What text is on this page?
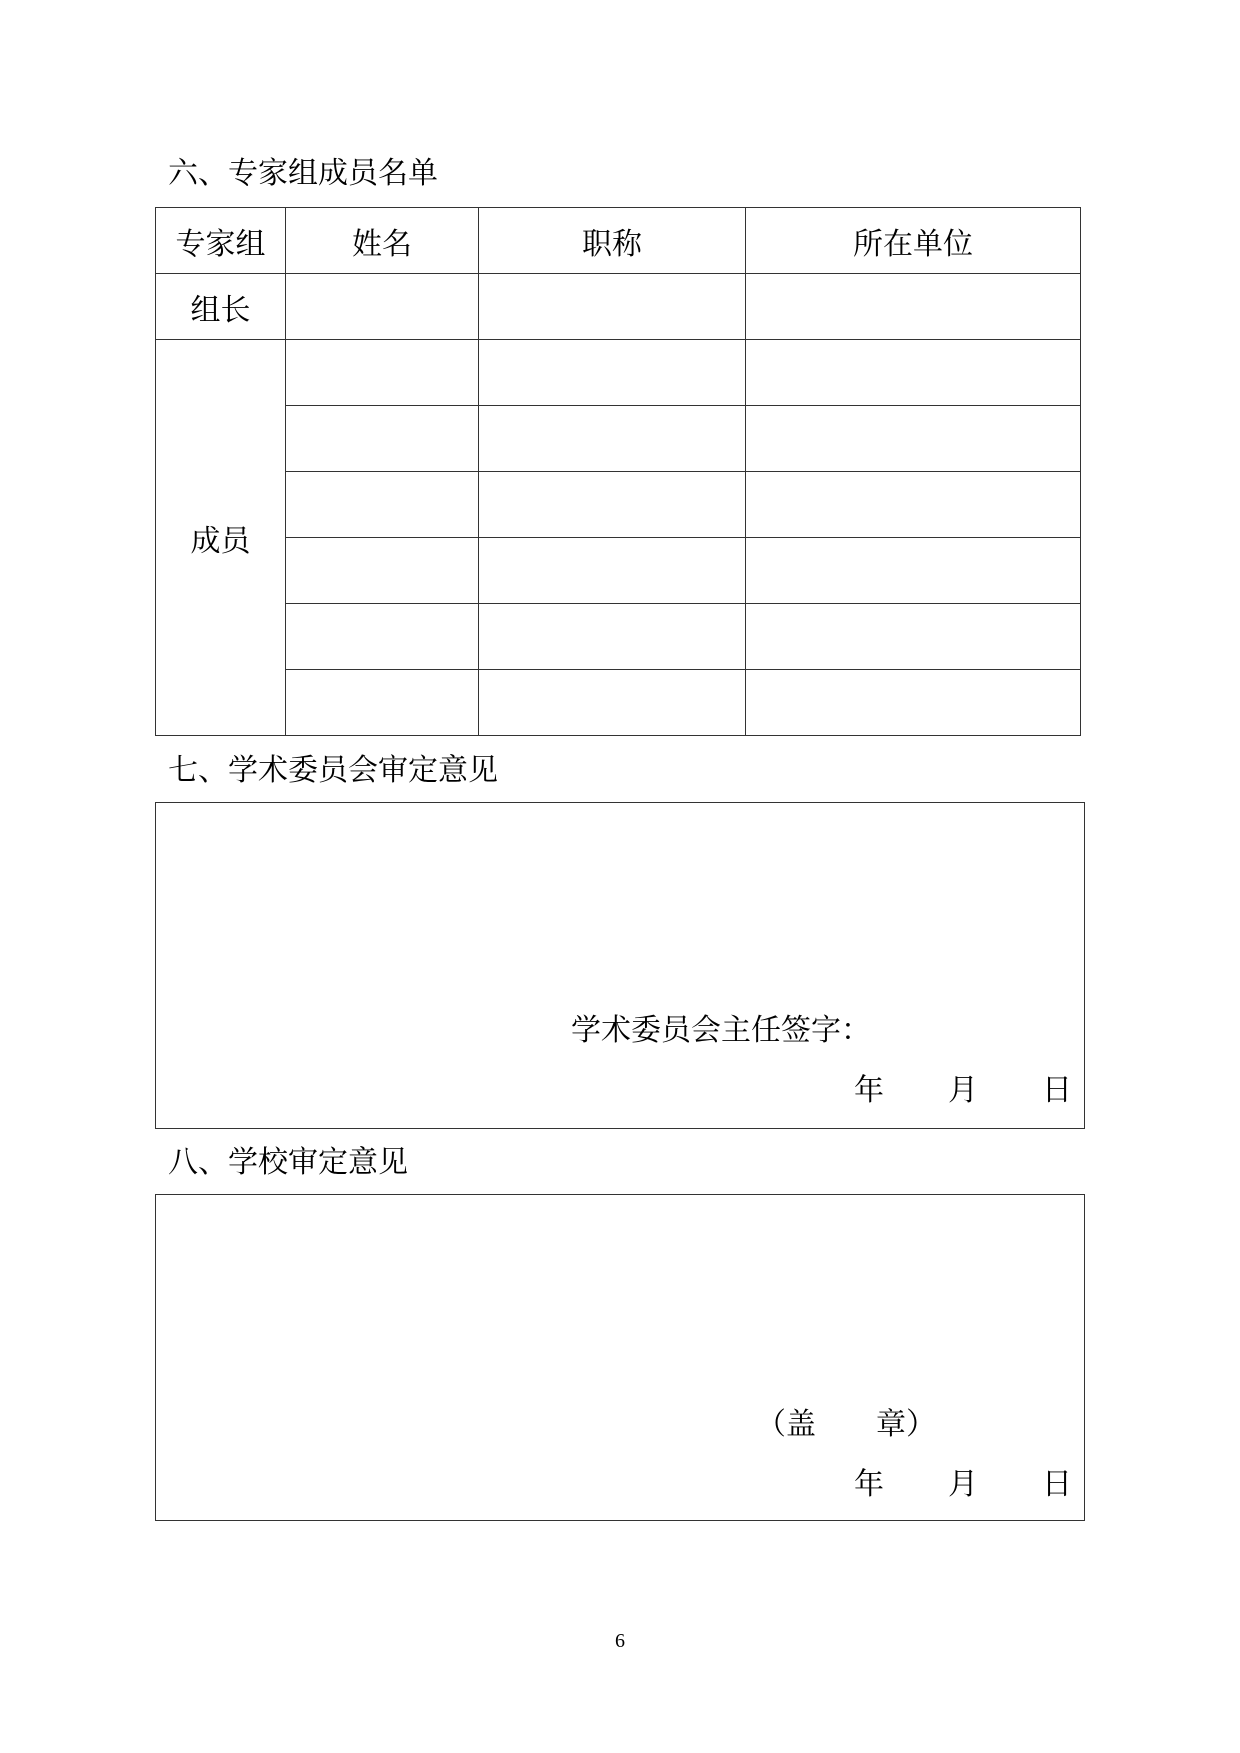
六、专家组成员名单
专家组	姓名	职称	所在单位
组长			
成员			

七、学术委员会审定意见
学术委员会主任签字：
年 月 日
八、学校审定意见
（盖　　章）
年 月 日
6
